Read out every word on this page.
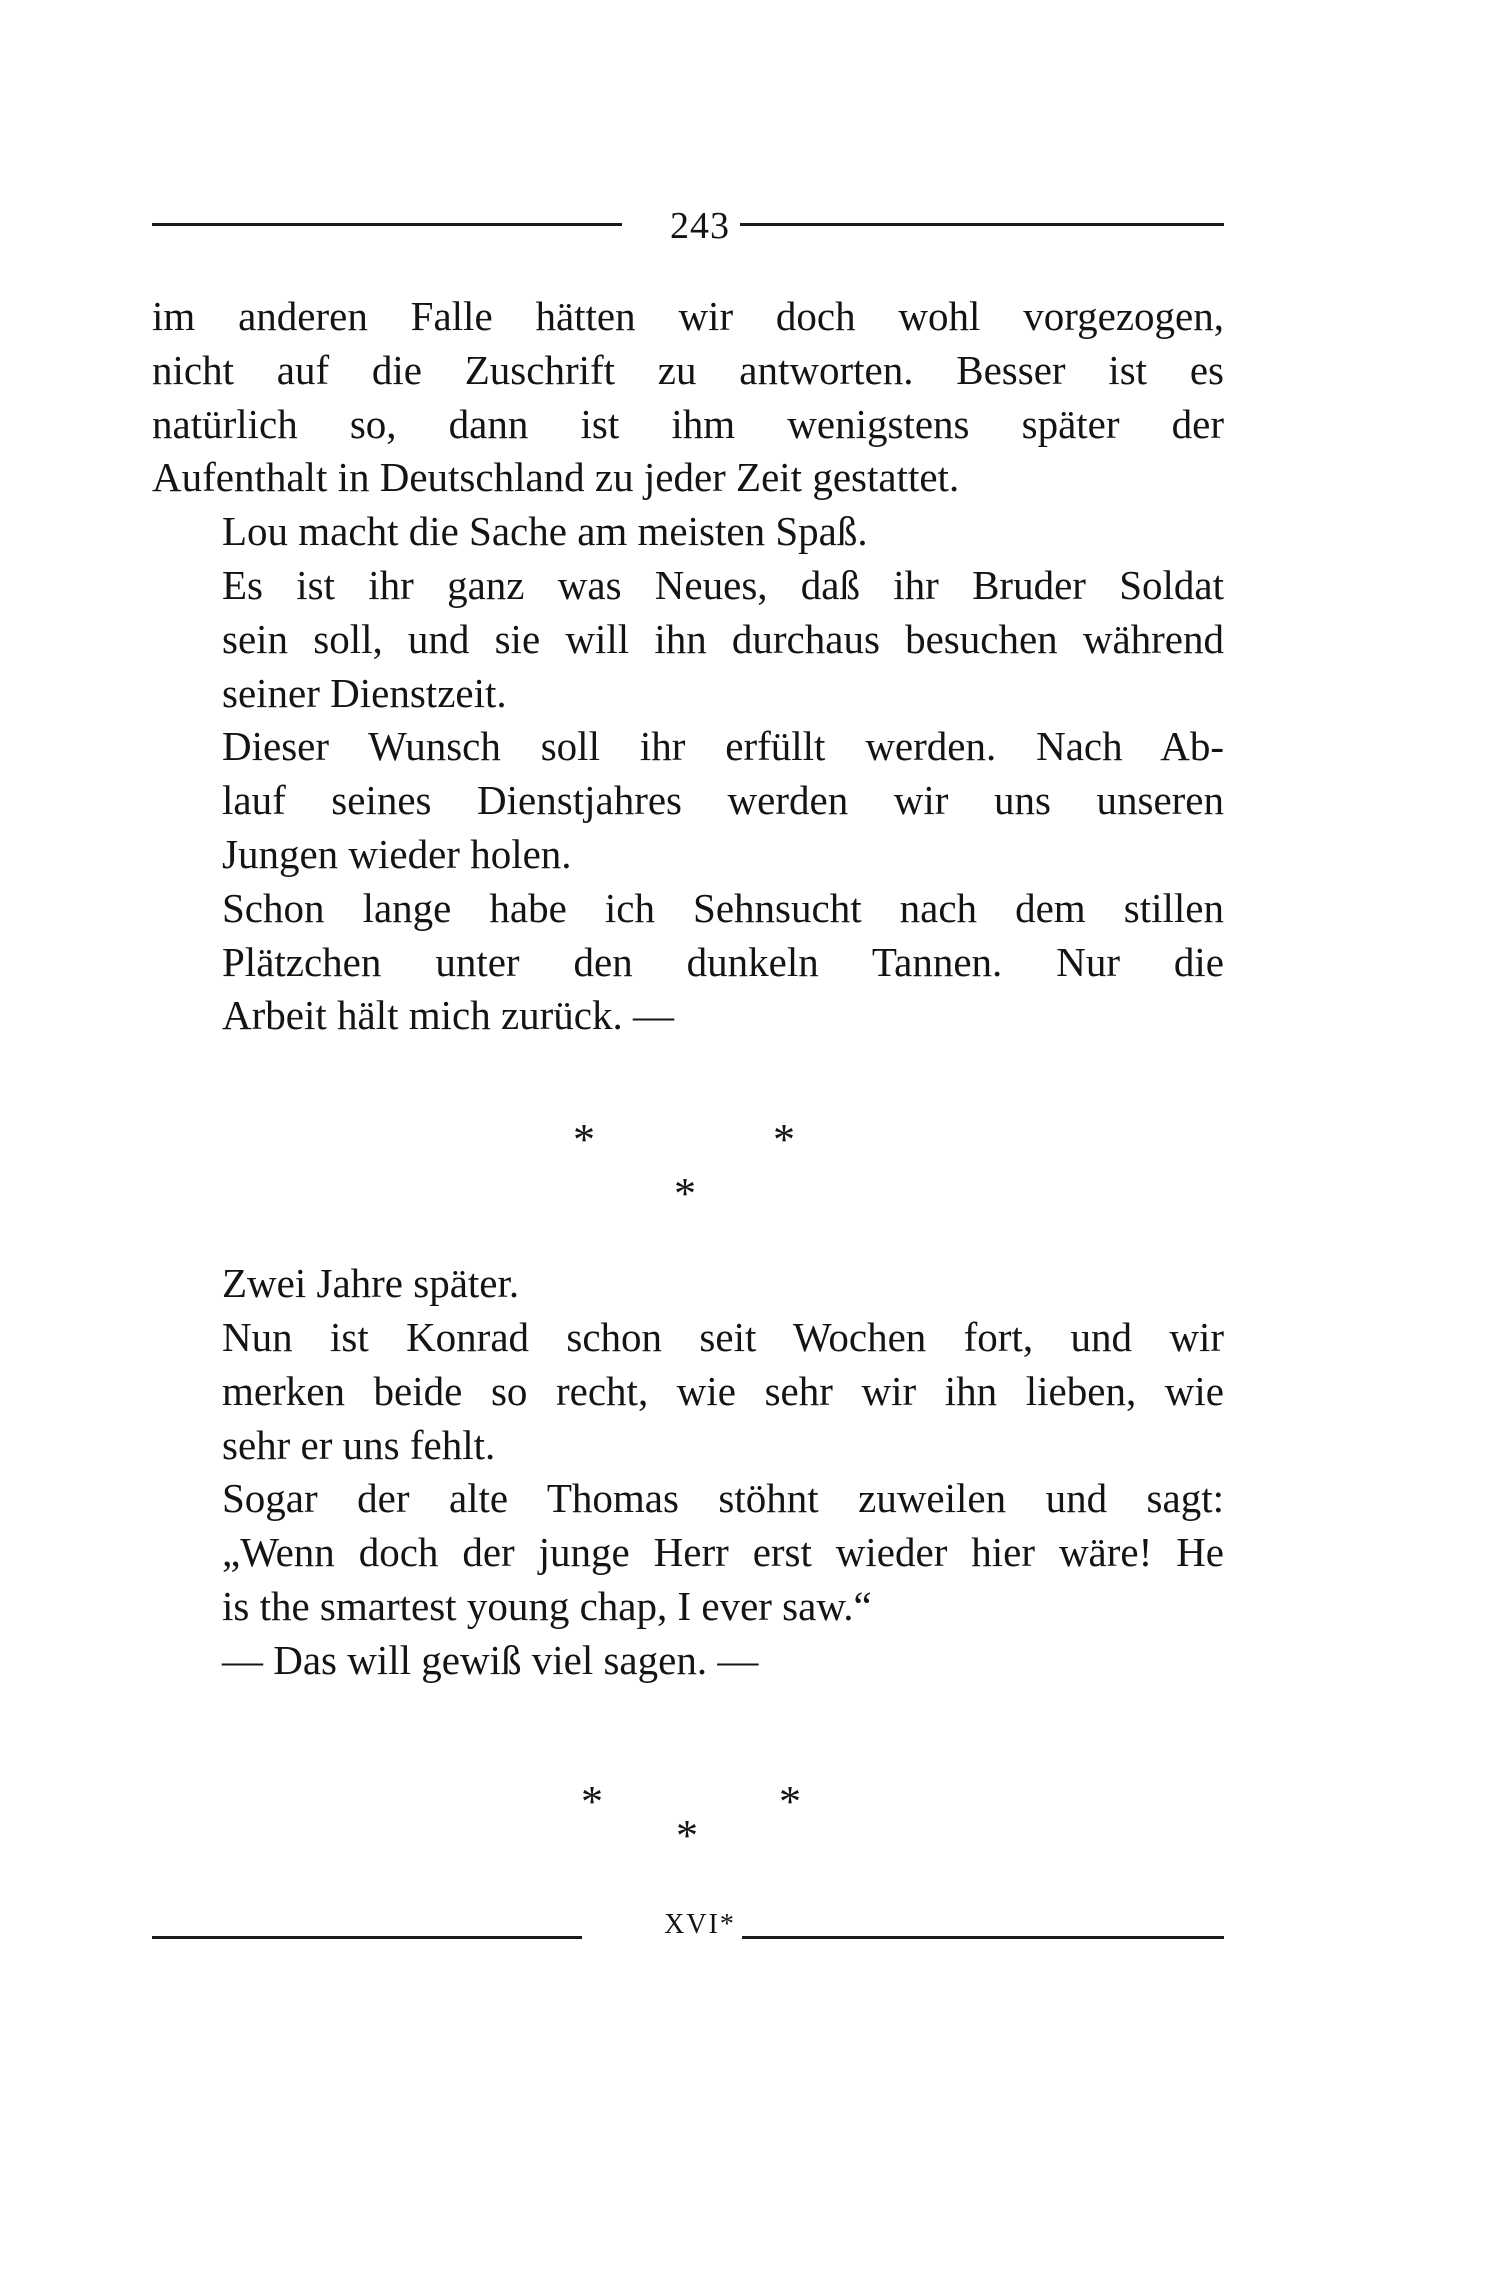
243

im anderen Falle hätten wir doch wohl vorgezogen,
nicht auf die Zuschrift zu antworten. Besser ist es
natürlich so, dann ist ihm wenigstens später der
Aufenthalt in Deutschland zu jeder Zeit gestattet.

Lou macht die Sache am meisten Spaß.

Es ist ihr ganz was Neues, daß ihr Bruder Soldat
sein soll, und sie will ihn durchaus besuchen während
seiner Dienstzeit.

Dieser Wunsch soll ihr erfüllt werden. Nach Ab-
lauf seines Dienstjahres werden wir uns unseren
Jungen wieder holen.

Schon lange habe ich Sehnsucht nach dem stillen
Plätzchen unter den dunkeln Tannen. Nur die
Arbeit hält mich zurück. —

Zwei Jahre später.

Nun ist Konrad schon seit Wochen fort, und wir
merken beide so recht, wie sehr wir ihn lieben, wie
sehr er uns fehlt.

Sogar der alte Thomas stöhnt zuweilen und sagt:
„Wenn doch der junge Herr erst wieder hier wäre! He
is the smartest young chap, I ever saw.“

— Das will gewiß viel sagen. —

*	*
*
*	*
*
XVI*
